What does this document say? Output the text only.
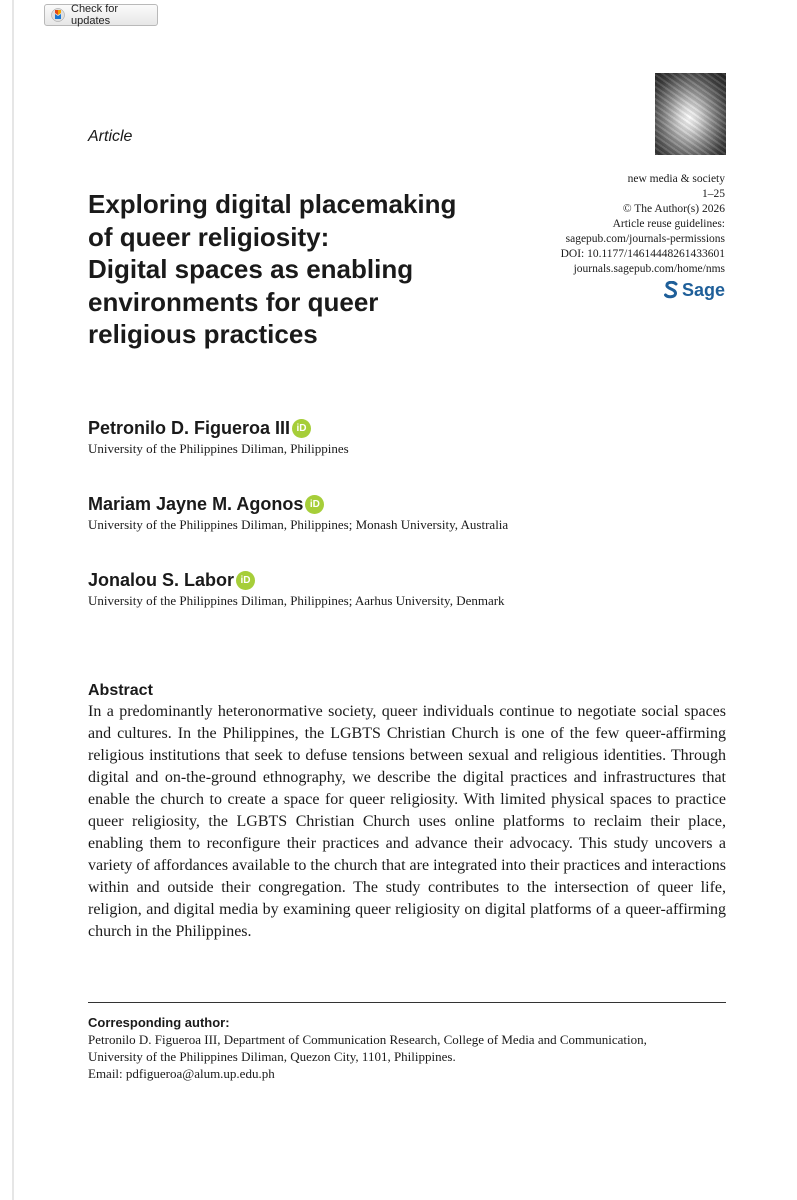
Check for updates
Article
Exploring digital placemaking
of queer religiosity:
Digital spaces as enabling
environments for queer
religious practices
new media & society
1–25
© The Author(s) 2026
Article reuse guidelines:
sagepub.com/journals-permissions
DOI: 10.1177/14614448261433601
journals.sagepub.com/home/nms
Sage
Petronilo D. Figueroa III iD
University of the Philippines Diliman, Philippines
Mariam Jayne M. Agonos iD
University of the Philippines Diliman, Philippines; Monash University, Australia
Jonalou S. Labor iD
University of the Philippines Diliman, Philippines; Aarhus University, Denmark
Abstract

In a predominantly heteronormative society, queer individuals continue to negotiate social spaces and cultures. In the Philippines, the LGBTS Christian Church is one of the few queer-affirming religious institutions that seek to defuse tensions between sexual and religious identities. Through digital and on-the-ground ethnography, we describe the digital practices and infrastructures that enable the church to create a space for queer religiosity. With limited physical spaces to practice queer religiosity, the LGBTS Christian Church uses online platforms to reclaim their place, enabling them to reconfigure their practices and advance their advocacy. This study uncovers a variety of affordances available to the church that are integrated into their practices and interactions within and outside their congregation. The study contributes to the intersection of queer life, religion, and digital media by examining queer religiosity on digital platforms of a queer-affirming church in the Philippines.

Corresponding author:
Petronilo D. Figueroa III, Department of Communication Research, College of Media and Communication,
University of the Philippines Diliman, Quezon City, 1101, Philippines.
Email: pdfigueroa@alum.up.edu.ph
